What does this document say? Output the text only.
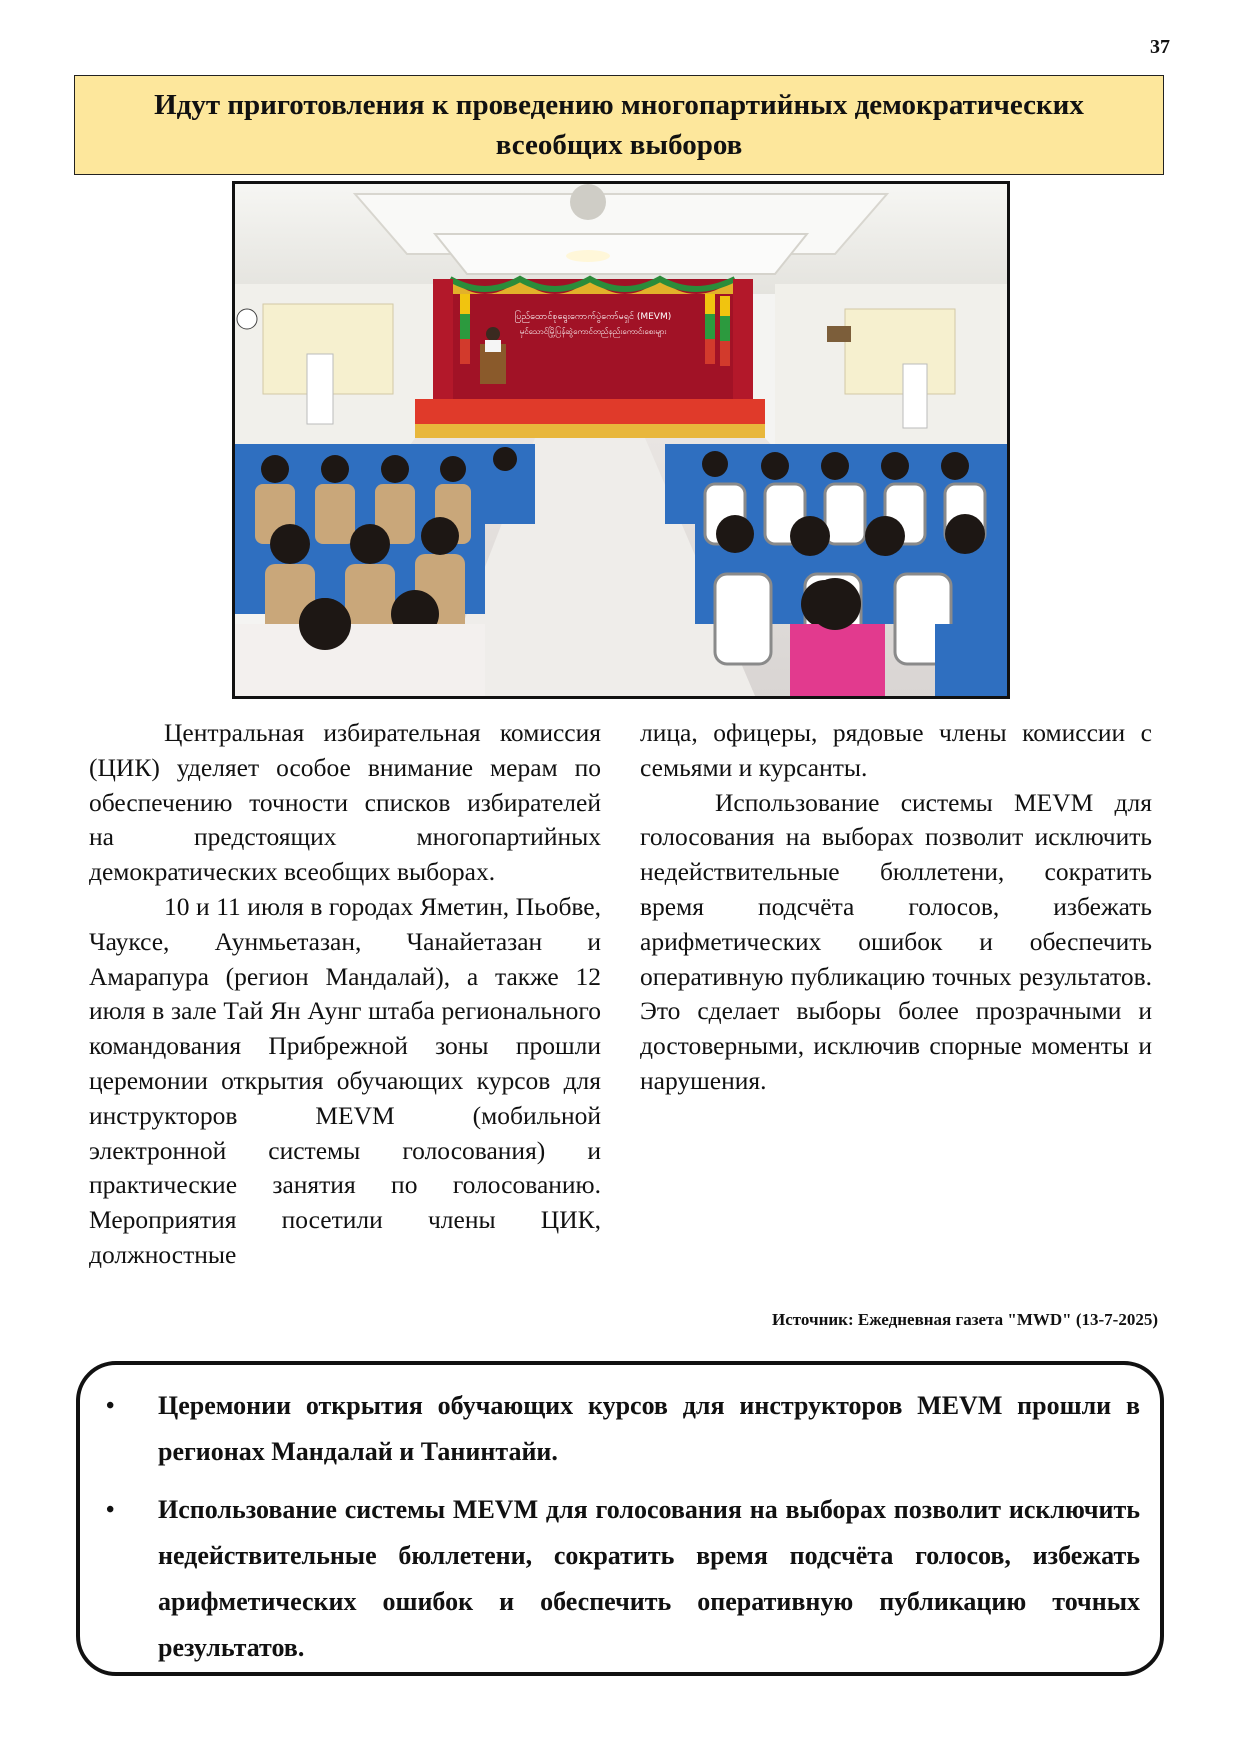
37
Идут приготовления к проведению многопартийных демократических всеобщих выборов
ပြည်ထောင်စုရွေးကောက်ပွဲကော်မရှင် (MEVM)
မှင်သောင်မြို့ပြန်ဆွဲကောင်တည်နည်းကောင်းစေးများ

Центральная избирательная комиссия (ЦИК) уделяет особое внимание мерам по обеспечению точности списков избирателей на предстоящих многопартийных демократических всеобщих выборах.

10 и 11 июля в городах Яметин, Пьобве, Чауксе, Аунмьетазан, Чанайетазан и Амарапура (регион Мандалай), а также 12 июля в зале Тай Ян Аунг штаба регионального командования Прибрежной зоны прошли церемонии открытия обучающих курсов для инструкторов MEVM (мобильной электронной системы голосования) и практические занятия по голосованию. Мероприятия посетили члены ЦИК, должностные

лица, офицеры, рядовые члены комиссии с семьями и курсанты.

Использование системы MEVM для голосования на выборах позволит исключить недействительные бюллетени, сократить время подсчёта голосов, избежать арифметических ошибок и обеспечить оперативную публикацию точных результатов. Это сделает выборы более прозрачными и достоверными, исключив спорные моменты и нарушения.

Источник: Ежедневная газета "MWD" (13-7-2025)
• Церемонии открытия обучающих курсов для инструкторов MEVM прошли в регионах Мандалай и Танинтайи.
• Использование системы MEVM для голосования на выборах позволит исключить недействительные бюллетени, сократить время подсчёта голосов, избежать арифметических ошибок и обеспечить оперативную публикацию точных результатов.
